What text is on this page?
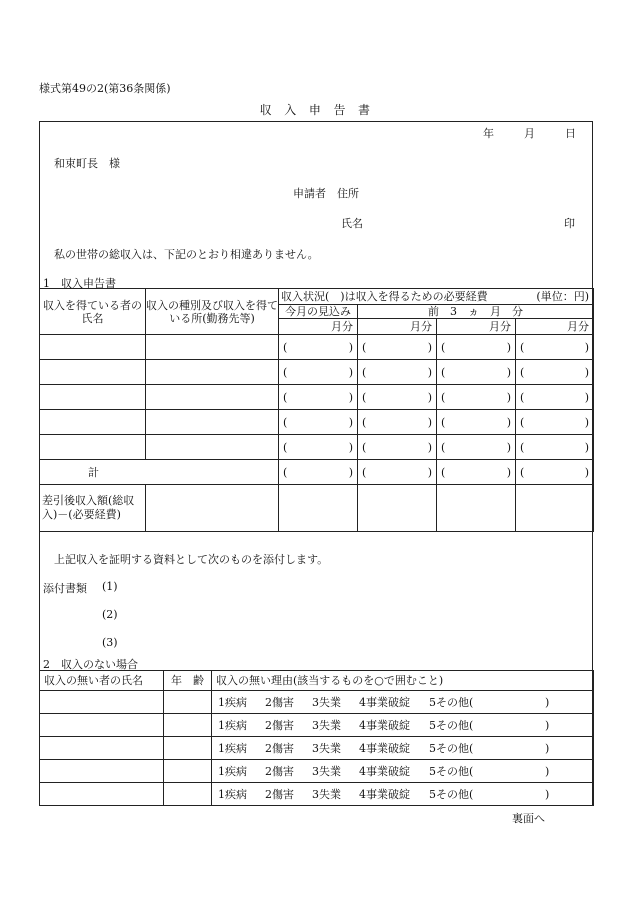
様式第49の2(第36条関係)
収　入　申　告　書
年	月	日
和束町長　様
申請者　住所
氏名	印
私の世帯の総収入は、下記のとおり相違ありません。
1　収入申告書
収入を得ている者の氏名	収入の種別及び収入を得ている所(勤務先等)	収入状況(　)は収入を得るための必要経費 (単位：円)			

		今月の見込み	前　3　ヵ　月　分		
		月分	月分	月分	月分

		( )	( )	( )	( )

		( )	( )	( )	( )

		( )	( )	( )	( )

		( )	( )	( )	( )

		( )	( )	( )	( )

計		( )	( )	( )	( )

差引後収入額(総収入)－(必要経費)					
上記収入を証明する資料として次のものを添付します。
添付書類 (1)
(2)
(3)
2　収入のない場合
収入の無い者の氏名	年　齢	収入の無い理由(該当するものを○で囲むこと)
		1疾病 2傷害 3失業 4事業破綻 5その他( )
		1疾病 2傷害 3失業 4事業破綻 5その他( )
		1疾病 2傷害 3失業 4事業破綻 5その他( )
		1疾病 2傷害 3失業 4事業破綻 5その他( )
		1疾病 2傷害 3失業 4事業破綻 5その他( )
裏面へ
